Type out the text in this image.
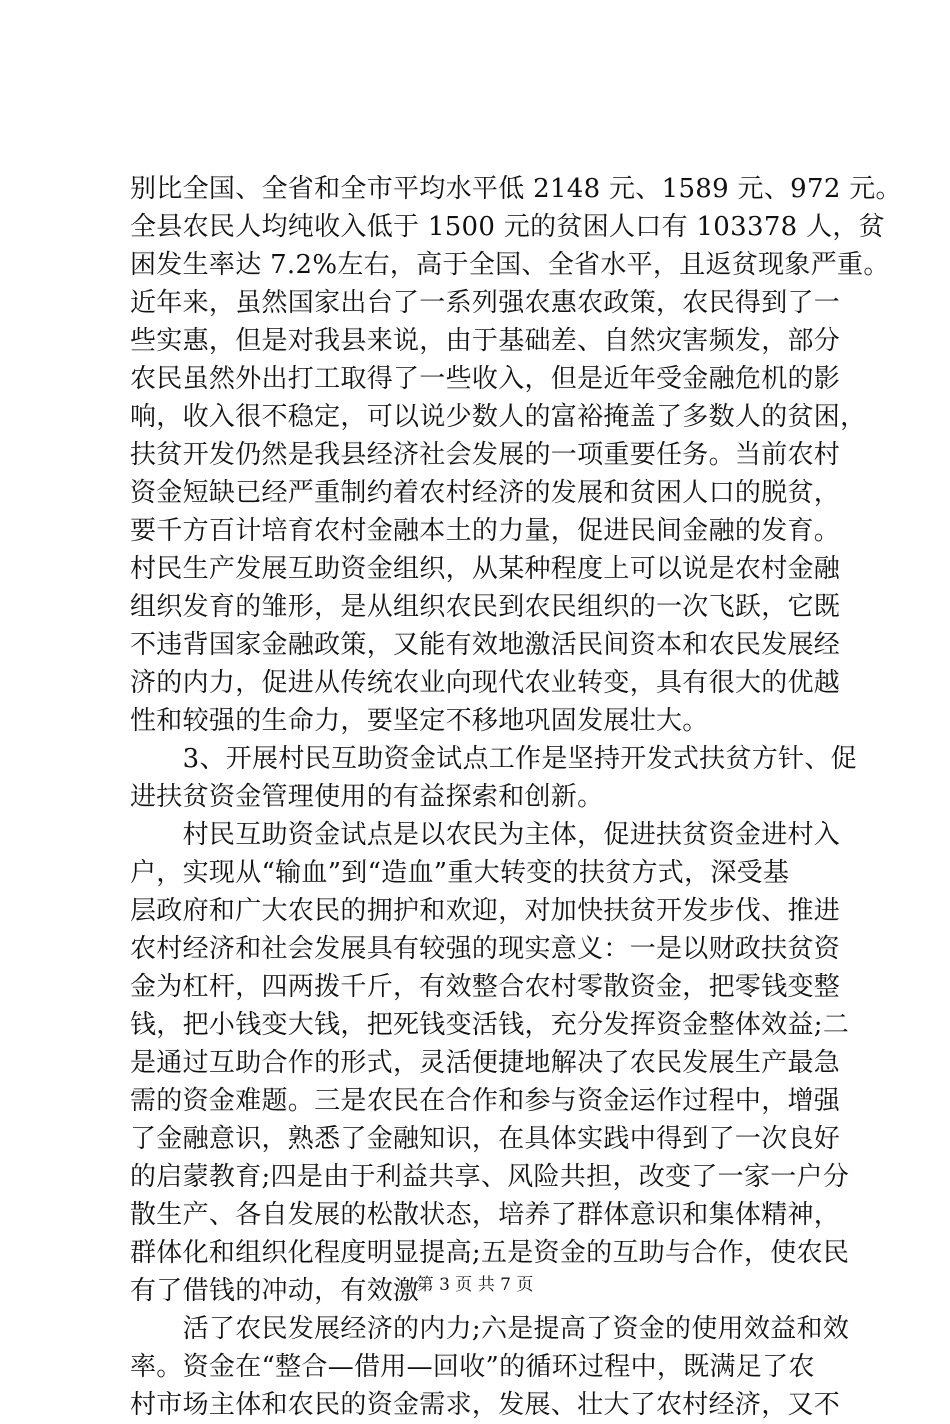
别比全国、全省和全市平均水平低 2148 元、1589 元、972 元。
全县农民人均纯收入低于 1500 元的贫困人口有 103378 人，贫
困发生率达 7.2%左右，高于全国、全省水平，且返贫现象严重。
近年来，虽然国家出台了一系列强农惠农政策，农民得到了一
些实惠，但是对我县来说，由于基础差、自然灾害频发，部分
农民虽然外出打工取得了一些收入，但是近年受金融危机的影
响，收入很不稳定，可以说少数人的富裕掩盖了多数人的贫困，
扶贫开发仍然是我县经济社会发展的一项重要任务。当前农村
资金短缺已经严重制约着农村经济的发展和贫困人口的脱贫，
要千方百计培育农村金融本土的力量，促进民间金融的发育。
村民生产发展互助资金组织，从某种程度上可以说是农村金融
组织发育的雏形，是从组织农民到农民组织的一次飞跃，它既
不违背国家金融政策，又能有效地激活民间资本和农民发展经
济的内力，促进从传统农业向现代农业转变，具有很大的优越
性和较强的生命力，要坚定不移地巩固发展壮大。
　　3、开展村民互助资金试点工作是坚持开发式扶贫方针、促
进扶贫资金管理使用的有益探索和创新。
　　村民互助资金试点是以农民为主体，促进扶贫资金进村入
户，实现从“输血”到“造血”重大转变的扶贫方式，深受基
层政府和广大农民的拥护和欢迎，对加快扶贫开发步伐、推进
农村经济和社会发展具有较强的现实意义：一是以财政扶贫资
金为杠杆，四两拨千斤，有效整合农村零散资金，把零钱变整
钱，把小钱变大钱，把死钱变活钱，充分发挥资金整体效益;二
是通过互助合作的形式，灵活便捷地解决了农民发展生产最急
需的资金难题。三是农民在合作和参与资金运作过程中，增强
了金融意识，熟悉了金融知识，在具体实践中得到了一次良好
的启蒙教育;四是由于利益共享、风险共担，改变了一家一户分
散生产、各自发展的松散状态，培养了群体意识和集体精神，
群体化和组织化程度明显提高;五是资金的互助与合作，使农民
有了借钱的冲动，有效激
　　活了农民发展经济的内力;六是提高了资金的使用效益和效
率。资金在“整合—借用—回收”的循环过程中，既满足了农
村市场主体和农民的资金需求，发展、壮大了农村经济，又不
第 3 页 共 7 页
